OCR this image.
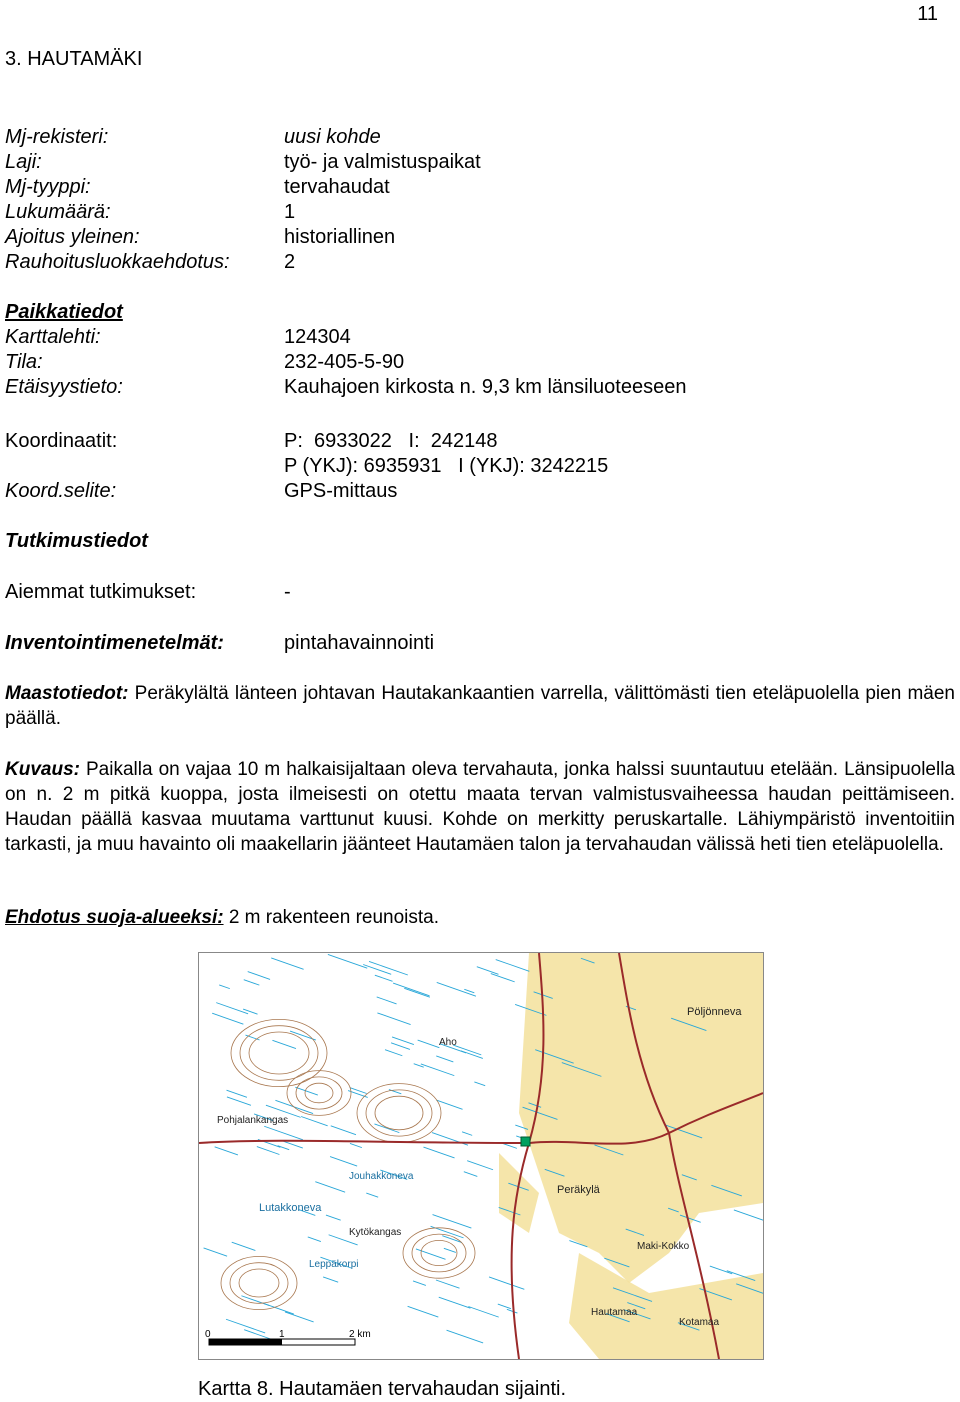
11
3. HAUTAMÄKI
Mj-rekisteri:	uusi kohde
Laji:	työ- ja valmistuspaikat
Mj-tyyppi:	tervahaudat
Lukumäärä:	1
Ajoitus yleinen:	historiallinen
Rauhoitusluokkaehdotus:	2
Paikkatiedot
Karttalehti:	124304
Tila:	232-405-5-90
Etäisyystieto:	Kauhajoen kirkosta n. 9,3 km länsiluoteeseen
Koordinaatit:	P:  6933022   I:  242148
P (YKJ): 6935931   I (YKJ): 3242215
Koord.selite:	GPS-mittaus
Tutkimustiedot
Aiemmat tutkimukset:	-
Inventointimenetelmät:	pintahavainnointi
Maastotiedot: Peräkylältä länteen johtavan Hautakankaantien varrella, välittömästi tien eteläpuolella pien mäen päällä.
Kuvaus: Paikalla on vajaa 10 m halkaisijaltaan oleva tervahauta, jonka halssi suuntautuu etelään. Länsipuolella on n. 2 m pitkä kuoppa, josta ilmeisesti on otettu maata tervan valmistusvaiheessa haudan peittämiseen. Haudan päällä kasvaa muutama varttunut kuusi. Kohde on merkitty peruskartalle. Lähiympäristö inventoitiin tarkasti, ja muu havainto oli maakellarin jäänteet Hautamäen talon ja tervahaudan välissä heti tien eteläpuolella.
Ehdotus suoja-alueeksi: 2 m rakenteen reunoista.
Pöljönneva
Peräkylä
Lutakkoneva
Jouhakkoneva
Kytökangas
Leppäkorpi
Hautamaa
Kotamaa
Pohjalankangas
Aho
Maki-Kokko
0	1	2 km
Kartta 8. Hautamäen tervahaudan sijainti.
